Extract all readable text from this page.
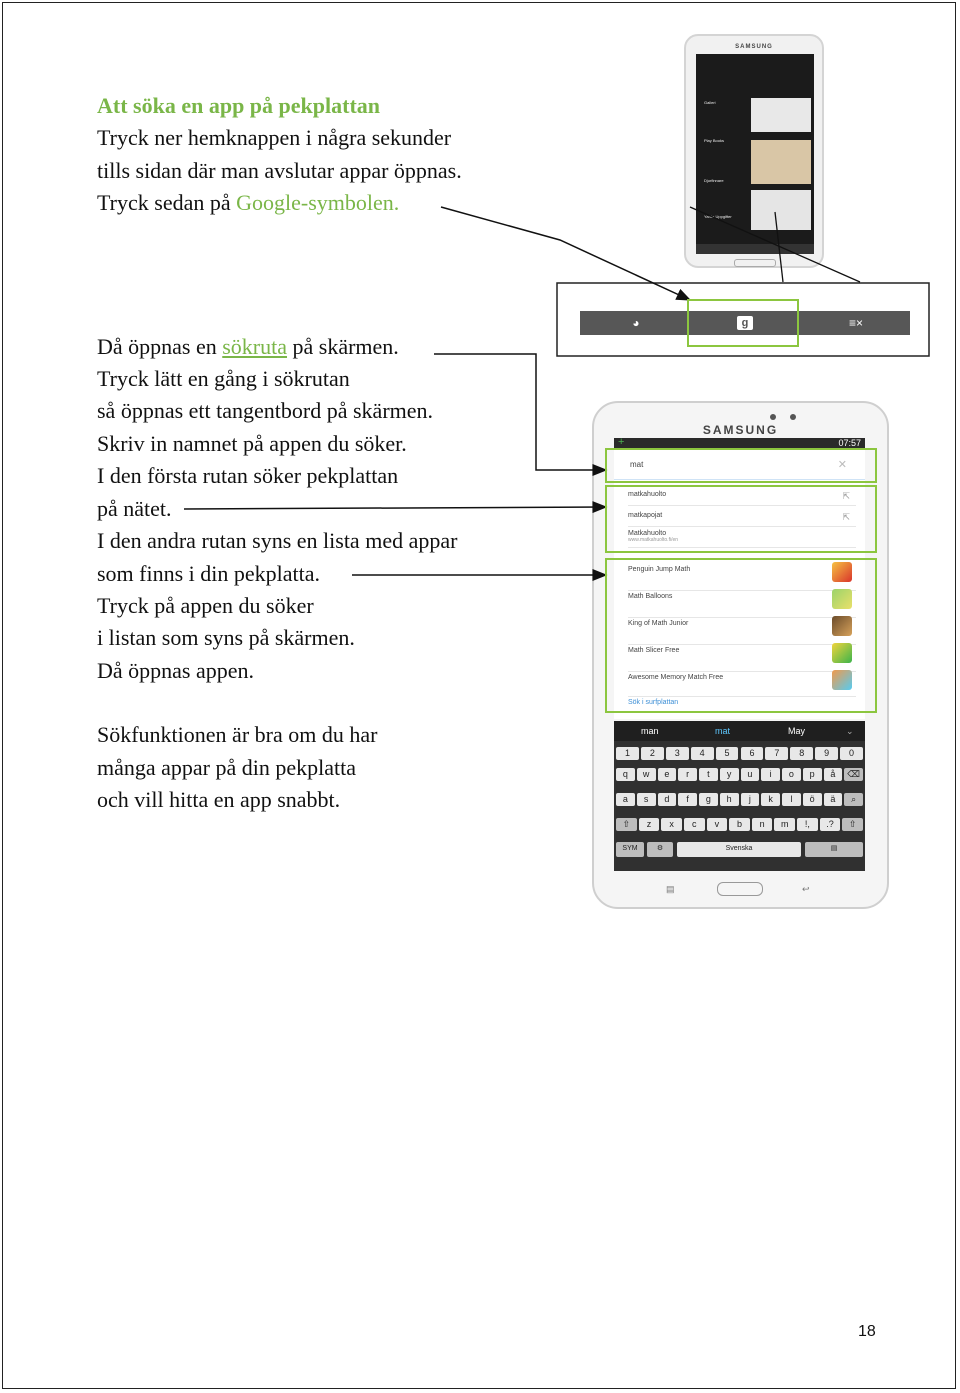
Att söka en app på pekplattan
Tryck ner hemknappen i några sekunder
tills sidan där man avslutar appar öppnas.
Tryck sedan på Google-symbolen.
Då öppnas en sökruta på skärmen.
Tryck lätt en gång i sökrutan
så öppnas ett tangentbord på skärmen.
Skriv in namnet på appen du söker.
I den första rutan söker pekplattan
på nätet.
I den andra rutan syns en lista med appar
som finns i din pekplatta.
Tryck på appen du söker
i listan som syns på skärmen.
Då öppnas appen.
Sökfunktionen är bra om du har
många appar på din pekplatta
och vill hitta en app snabbt.
SAMSUNG
Galleri
Play Books
Djurfinnare
Yarda Uppgifter
◕	g	≡×
SAMSUNG
+	07:57
mat	✕
matkahuolto	⇱
matkapojat	⇱
Matkahuolto
www.matkahuolto.fi/en
Penguin Jump Math
Math Balloons
King of Math Junior
Math Slicer Free
Awesome Memory Match Free
Sök i surfplattan
man	mat	May	⌄
1	2	3	4	5	6	7	8	9	0
q	w	e	r	t	y	u	i	o	p	å	⌫
a	s	d	f	g	h	j	k	l	ö	ä	⌕
⇧	z	x	c	v	b	n	m	!,	.?	⇧
SYM	⚙	Svenska	▤
▤	↩
18
